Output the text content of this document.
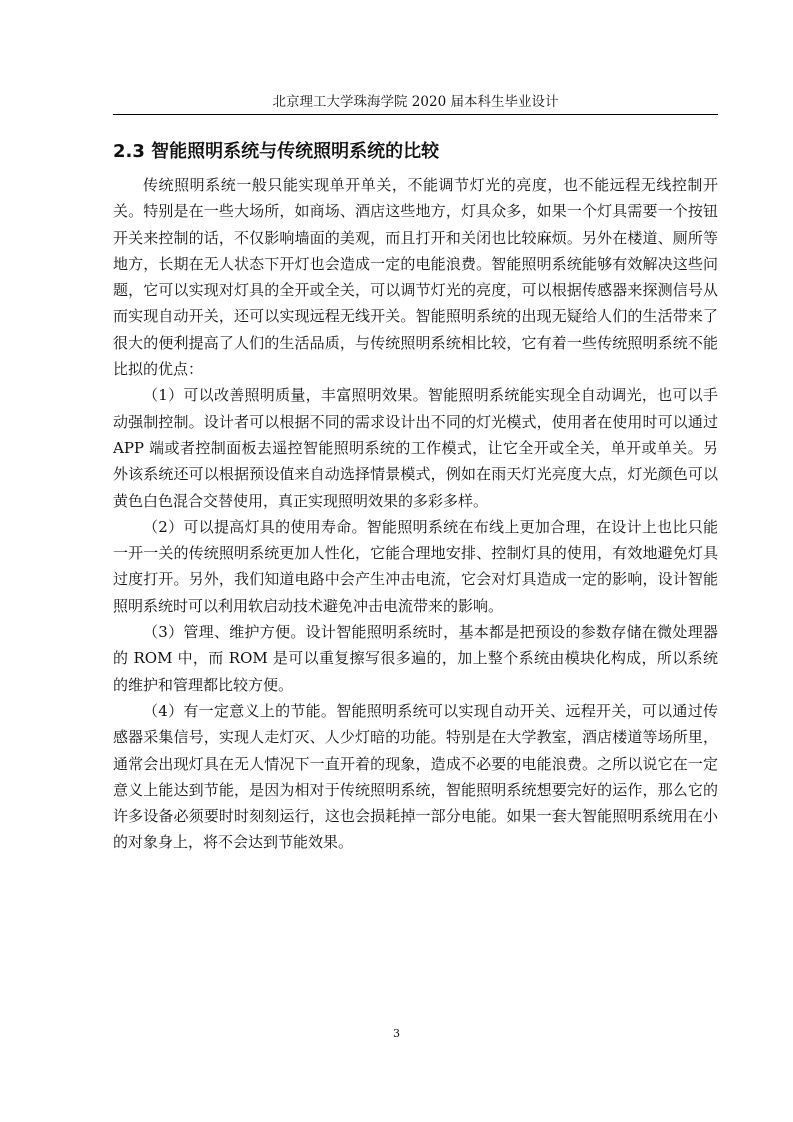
北京理工大学珠海学院 2020 届本科生毕业设计
2.3 智能照明系统与传统照明系统的比较

传统照明系统一般只能实现单开单关，不能调节灯光的亮度，也不能远程无线控制开关。特别是在一些大场所，如商场、酒店这些地方，灯具众多，如果一个灯具需要一个按钮开关来控制的话，不仅影响墙面的美观，而且打开和关闭也比较麻烦。另外在楼道、厕所等地方，长期在无人状态下开灯也会造成一定的电能浪费。智能照明系统能够有效解决这些问题，它可以实现对灯具的全开或全关，可以调节灯光的亮度，可以根据传感器来探测信号从而实现自动开关，还可以实现远程无线开关。智能照明系统的出现无疑给人们的生活带来了很大的便利提高了人们的生活品质，与传统照明系统相比较，它有着一些传统照明系统不能比拟的优点：

（1）可以改善照明质量，丰富照明效果。智能照明系统能实现全自动调光，也可以手动强制控制。设计者可以根据不同的需求设计出不同的灯光模式，使用者在使用时可以通过 APP 端或者控制面板去遥控智能照明系统的工作模式，让它全开或全关，单开或单关。另外该系统还可以根据预设值来自动选择情景模式，例如在雨天灯光亮度大点，灯光颜色可以黄色白色混合交替使用，真正实现照明效果的多彩多样。

（2）可以提高灯具的使用寿命。智能照明系统在布线上更加合理，在设计上也比只能一开一关的传统照明系统更加人性化，它能合理地安排、控制灯具的使用，有效地避免灯具过度打开。另外，我们知道电路中会产生冲击电流，它会对灯具造成一定的影响，设计智能照明系统时可以利用软启动技术避免冲击电流带来的影响。

（3）管理、维护方便。设计智能照明系统时，基本都是把预设的参数存储在微处理器的 ROM 中，而 ROM 是可以重复擦写很多遍的，加上整个系统由模块化构成，所以系统的维护和管理都比较方便。

（4）有一定意义上的节能。智能照明系统可以实现自动开关、远程开关，可以通过传感器采集信号，实现人走灯灭、人少灯暗的功能。特别是在大学教室，酒店楼道等场所里，通常会出现灯具在无人情况下一直开着的现象，造成不必要的电能浪费。之所以说它在一定意义上能达到节能，是因为相对于传统照明系统，智能照明系统想要完好的运作，那么它的许多设备必须要时时刻刻运行，这也会损耗掉一部分电能。如果一套大智能照明系统用在小的对象身上，将不会达到节能效果。

3
